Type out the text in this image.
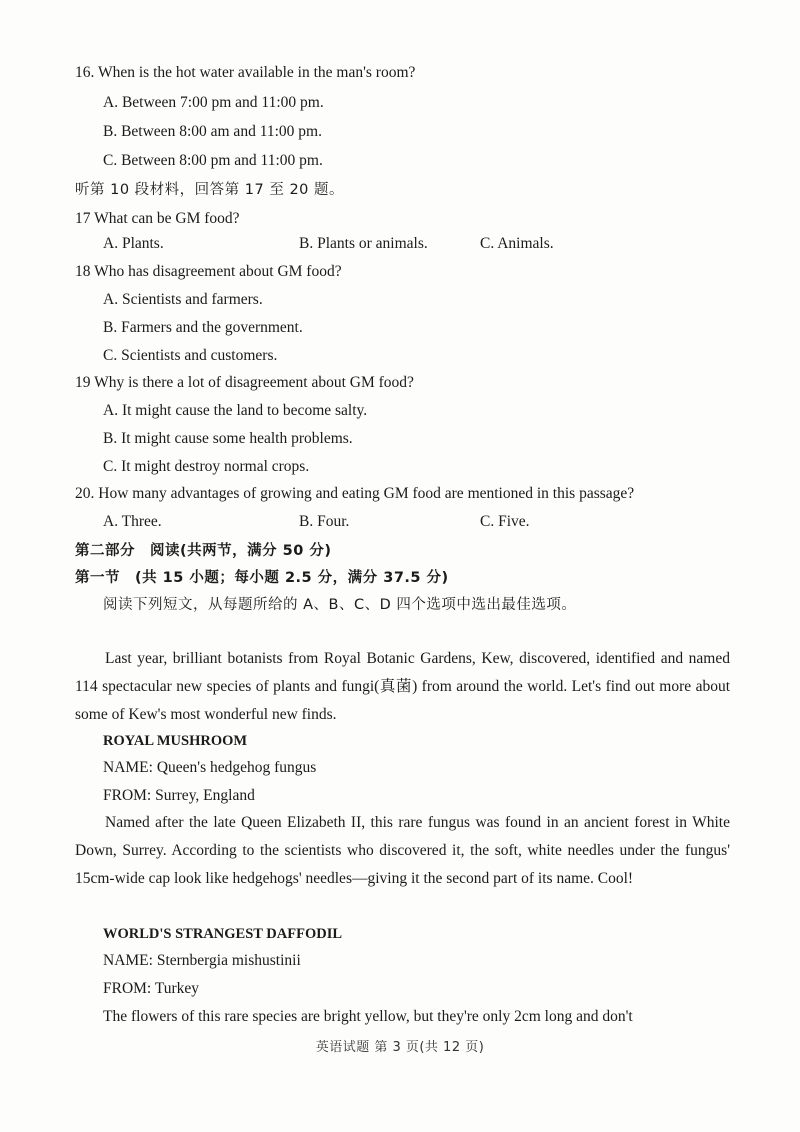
16. When is the hot water available in the man's room?
A. Between 7:00 pm and 11:00 pm.
B. Between 8:00 am and 11:00 pm.
C. Between 8:00 pm and 11:00 pm.
听第 10 段材料，回答第 17 至 20 题。
17 What can be GM food?
A. Plants.	B. Plants or animals.	C. Animals.
18 Who has disagreement about GM food?
A. Scientists and farmers.
B. Farmers and the government.
C. Scientists and customers.
19 Why is there a lot of disagreement about GM food?
A. It might cause the land to become salty.
B. It might cause some health problems.
C. It might destroy normal crops.
20. How many advantages of growing and eating GM food are mentioned in this passage?
A. Three.	B. Four.	C. Five.
第二部分　阅读(共两节，满分 50 分)
第一节　(共 15 小题；每小题 2.5 分，满分 37.5 分)
阅读下列短文，从每题所给的 A、B、C、D 四个选项中选出最佳选项。
Last year, brilliant botanists from Royal Botanic Gardens, Kew, discovered, identified and named 114 spectacular new species of plants and fungi(真菌) from around the world. Let's find out more about some of Kew's most wonderful new finds.
ROYAL MUSHROOM
NAME: Queen's hedgehog fungus
FROM: Surrey, England
Named after the late Queen Elizabeth II, this rare fungus was found in an ancient forest in White Down, Surrey. According to the scientists who discovered it, the soft, white needles under the fungus' 15cm-wide cap look like hedgehogs' needles—giving it the second part of its name. Cool!
WORLD'S STRANGEST DAFFODIL
NAME: Sternbergia mishustinii
FROM: Turkey
The flowers of this rare species are bright yellow, but they're only 2cm long and don't
英语试题 第 3 页(共 12 页)
